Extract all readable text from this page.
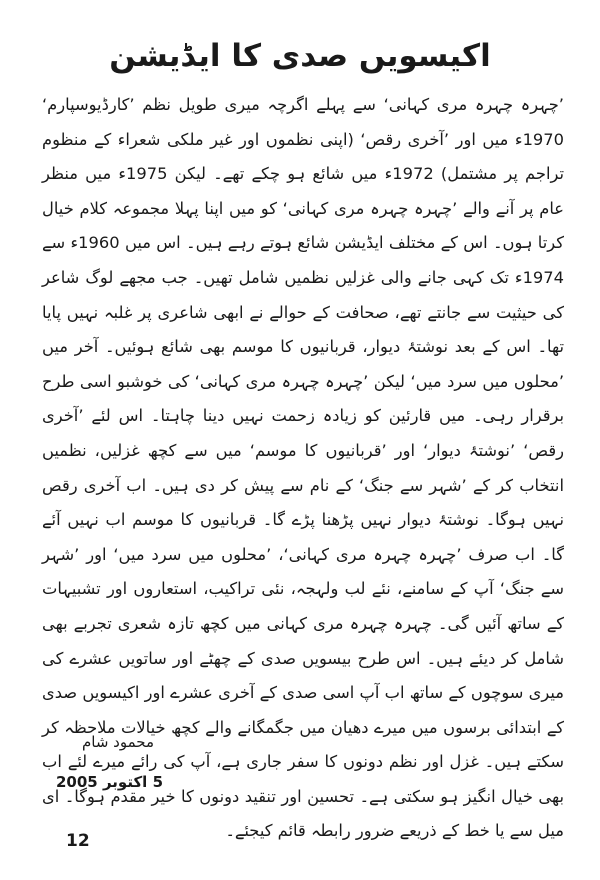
اکیسویں صدی کا ایڈیشن
’چہرہ چہرہ مری کہانی‘ سے پہلے اگرچہ میری طویل نظم ’کارڈیوسپارم‘ 1970ء میں اور ’آخری رقص‘ (اپنی نظموں اور غیر ملکی شعراء کے منظوم تراجم پر مشتمل) 1972ء میں شائع ہو چکے تھے۔ لیکن 1975ء میں منظر عام پر آنے والے ’چہرہ چہرہ مری کہانی‘ کو میں اپنا پہلا مجموعہ کلام خیال کرتا ہوں۔ اس کے مختلف ایڈیشن شائع ہوتے رہے ہیں۔ اس میں 1960ء سے 1974ء تک کہی جانے والی غزلیں نظمیں شامل تھیں۔ جب مجھے لوگ شاعر کی حیثیت سے جانتے تھے، صحافت کے حوالے نے ابھی شاعری پر غلبہ نہیں پایا تھا۔ اس کے بعد نوشتۂ دیوار، قربانیوں کا موسم بھی شائع ہوئیں۔ آخر میں ’محلوں میں سرد میں‘ لیکن ’چہرہ چہرہ مری کہانی‘ کی خوشبو اسی طرح برقرار رہی۔ میں قارئین کو زیادہ زحمت نہیں دینا چاہتا۔ اس لئے ’آخری رقص‘ ’نوشتۂ دیوار‘ اور ’قربانیوں کا موسم‘ میں سے کچھ غزلیں، نظمیں انتخاب کر کے ’شہر سے جنگ‘ کے نام سے پیش کر دی ہیں۔ اب آخری رقص نہیں ہوگا۔ نوشتۂ دیوار نہیں پڑھنا پڑے گا۔ قربانیوں کا موسم اب نہیں آئے گا۔ اب صرف ’چہرہ چہرہ مری کہانی‘، ’محلوں میں سرد میں‘ اور ’شہر سے جنگ‘ آپ کے سامنے، نئے لب ولہجہ، نئی تراکیب، استعاروں اور تشبیہات کے ساتھ آئیں گی۔ چہرہ چہرہ مری کہانی میں کچھ تازہ شعری تجربے بھی شامل کر دیئے ہیں۔ اس طرح بیسویں صدی کے چھٹے اور ساتویں عشرے کی میری سوچوں کے ساتھ اب آپ اسی صدی کے آخری عشرے اور اکیسویں صدی کے ابتدائی برسوں میں میرے دھیان میں جگمگانے والے کچھ خیالات ملاحظہ کر سکتے ہیں۔ غزل اور نظم دونوں کا سفر جاری ہے، آپ کی رائے میرے لئے اب بھی خیال انگیز ہو سکتی ہے۔ تحسین اور تنقید دونوں کا خیر مقدم ہوگا۔ ای میل سے یا خط کے ذریعے ضرور رابطہ قائم کیجئے۔
محمود شام
5 اکتوبر 2005
12
